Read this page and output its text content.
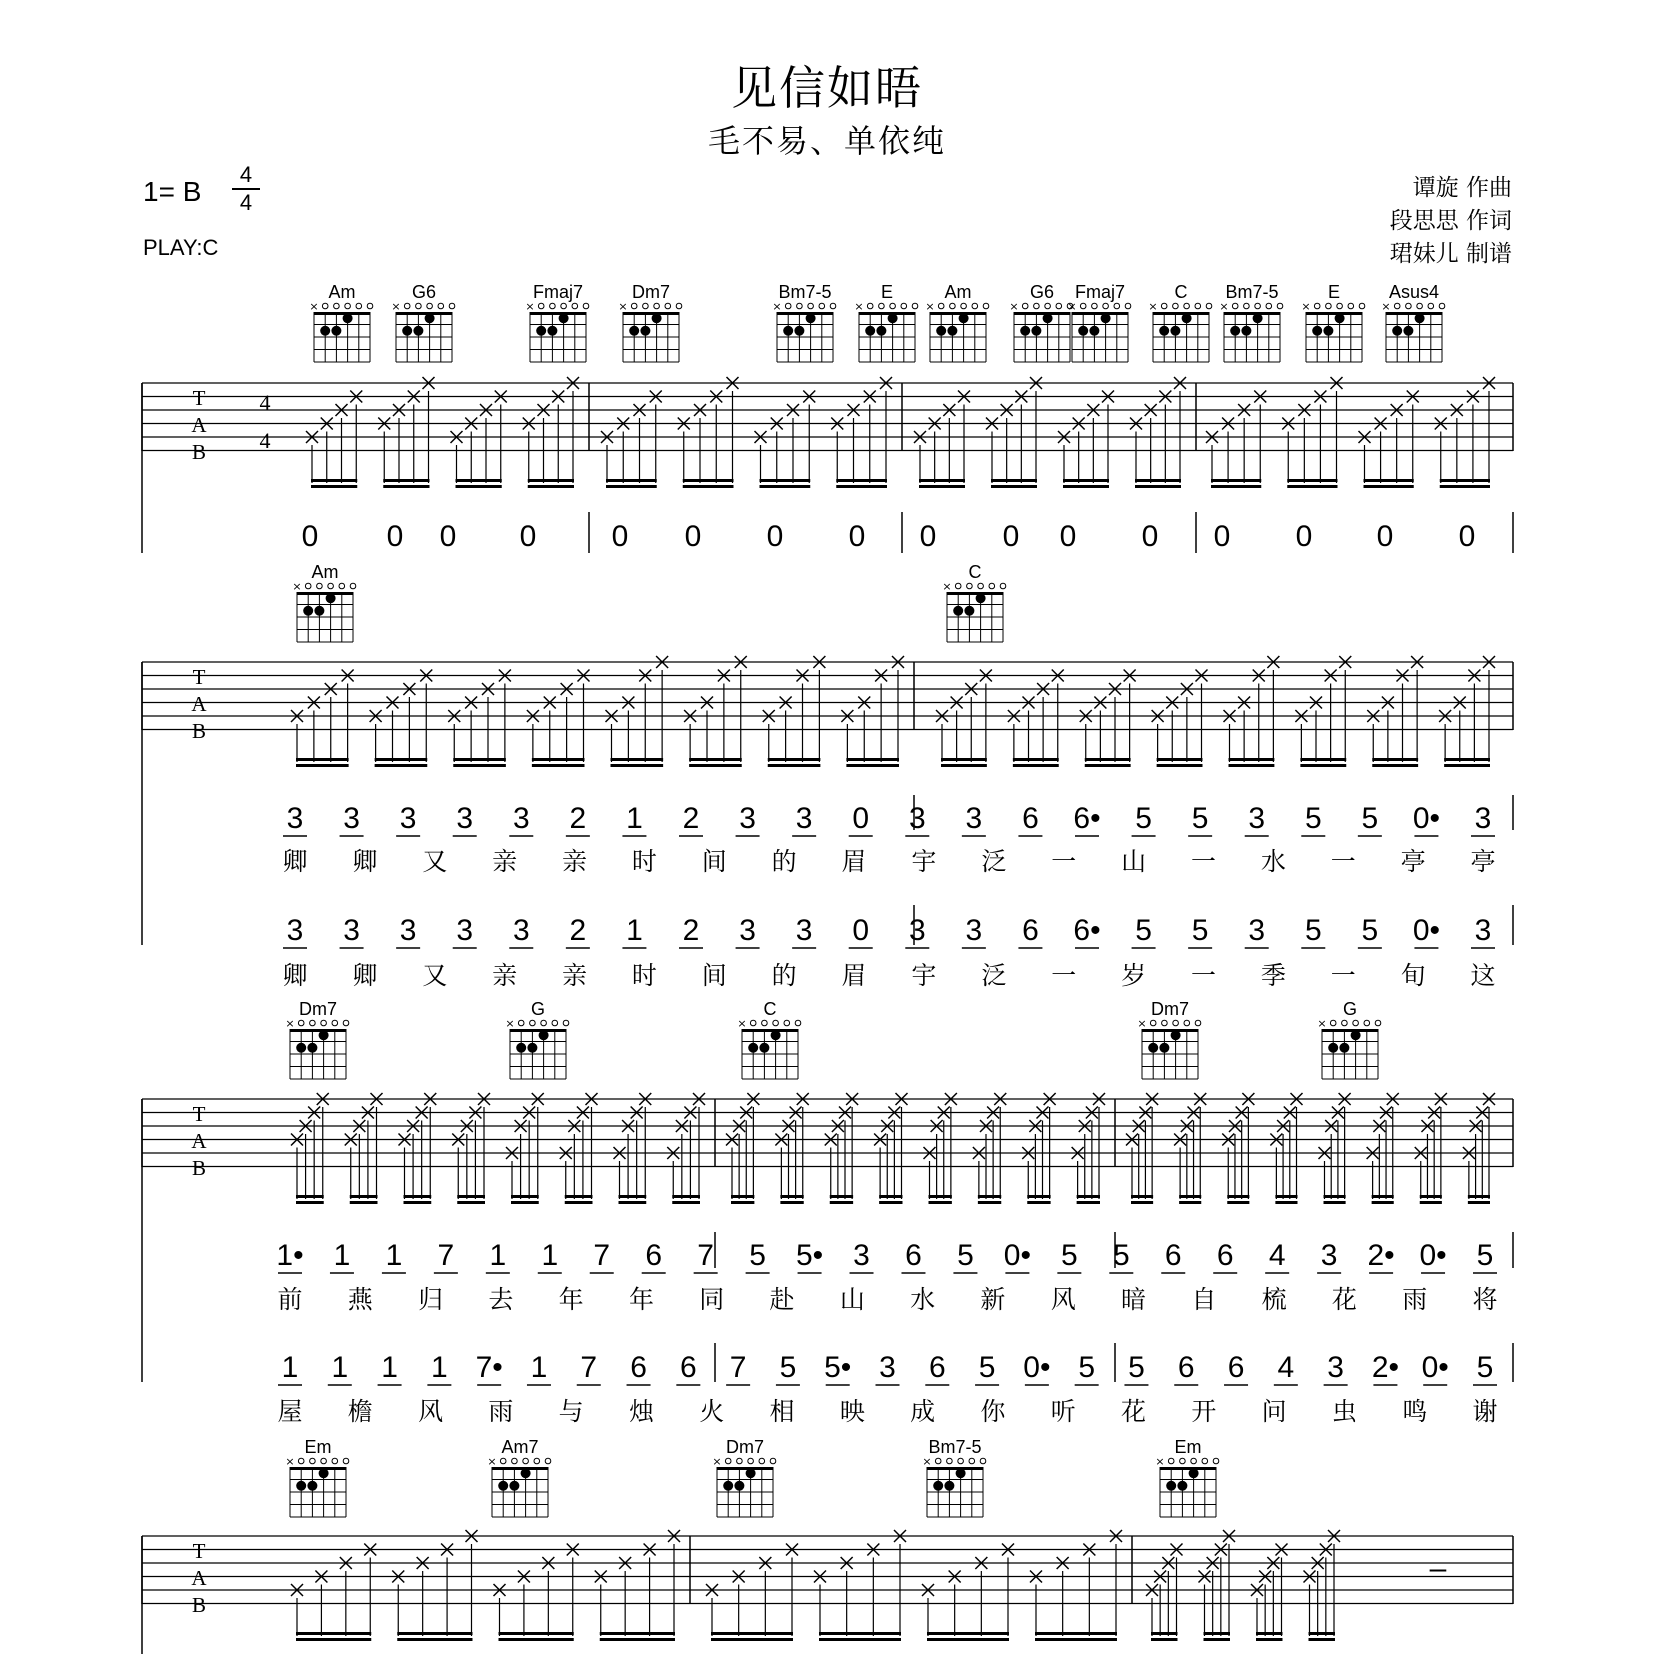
见信如晤
毛不易、单依纯
1= B
4
4
PLAY:C
谭旋 作曲
段思思 作词
珺妹儿 制谱
Am
×
G6
×
Fmaj7
×
Dm7
×
Bm7-5
×
E
×
Am
×
G6
×
Fmaj7
×
C
×
Bm7-5
×
E
×
Asus4
×
T
A
B
4
4
0 0 0 0	0 0 0 0 0 0 0 0 0 0 0 0
Am
×
C
×
T
A
B
3 3 3 3 3 2 1 2 3 3 0 3 3 6 6• 5 5 3 5 5 0• 3
卿 卿 又 亲 亲 时 间 的 眉 宇 泛 一 山 一 水 一 亭 亭
3 3 3 3 3 2 1 2 3 3 0 3 3 6 6• 5 5 3 5 5 0• 3
卿 卿 又 亲 亲 时 间 的 眉 宇 泛 一 岁 一 季 一 旬 这
Dm7
×
G
×
C
×
Dm7
×
G
×
T
A
B
1• 1 1 7 1 1 7 6 7 5 5• 3 6 5 0• 5 5 6 6 4 3 2• 0• 5
前 燕 归 去 年 年 同 赴 山 水 新 风 暗 自 梳 花 雨 将
1 1 1 1 7• 1 7 6 6 7 5 5• 3 6 5 0• 5 5 6 6 4 3 2• 0• 5
屋 檐 风 雨 与 烛 火 相 映 成 你 听 花 开 问 虫 鸣 谢
Em
×
Am7
×
Dm7
×
Bm7-5
×
Em
×
T
A
B
–
